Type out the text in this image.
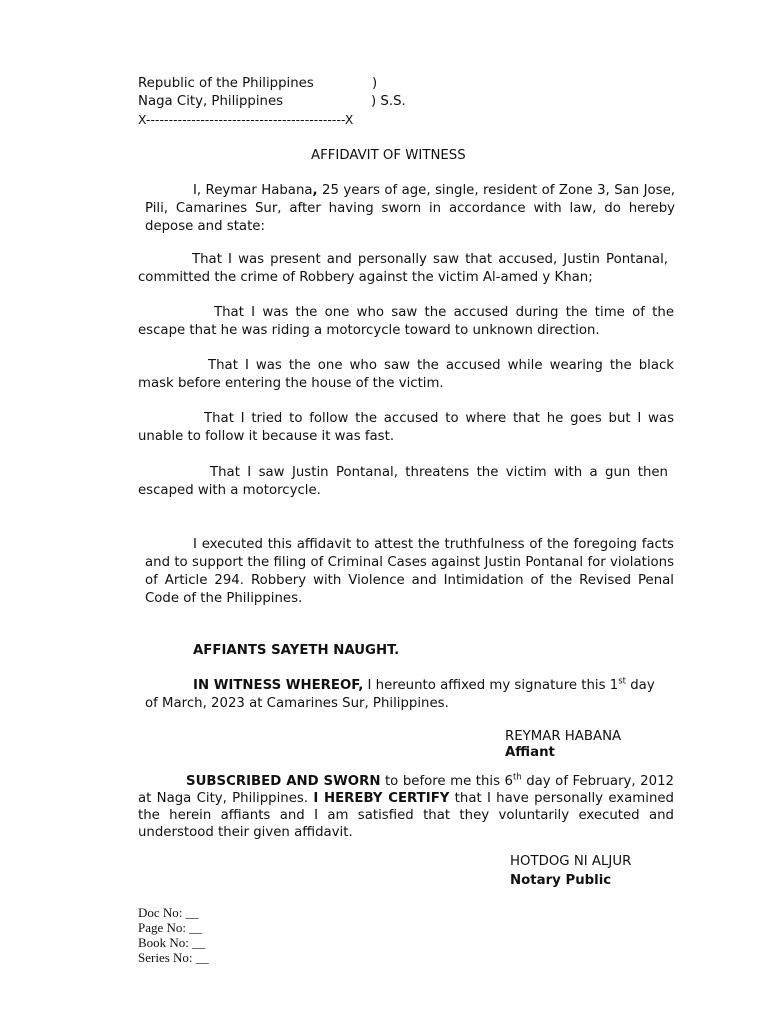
Republic of the Philippines	)
Naga City, Philippines	) S.S.
X--------------------------------------------X
AFFIDAVIT OF WITNESS
I, Reymar Habana, 25 years of age, single, resident of Zone 3, San Jose, Pili, Camarines Sur, after having sworn in accordance with law, do hereby depose and state:
That I was present and personally saw that accused, Justin Pontanal, committed the crime of Robbery against the victim Al-amed y Khan;
That I was the one who saw the accused during the time of the escape that he was riding a motorcycle toward to unknown direction.
That I was the one who saw the accused while wearing the black mask before entering the house of the victim.
That I tried to follow the accused to where that he goes but I was unable to follow it because it was fast.
That I saw Justin Pontanal, threatens the victim with a gun then escaped with a motorcycle.
I executed this affidavit to attest the truthfulness of the foregoing facts and to support the filing of Criminal Cases against Justin Pontanal for violations of Article 294. Robbery with Violence and Intimidation of the Revised Penal Code of the Philippines.
AFFIANTS SAYETH NAUGHT.
IN WITNESS WHEREOF, I hereunto affixed my signature this 1st day of March, 2023 at Camarines Sur, Philippines.
REYMAR HABANA
Affiant
SUBSCRIBED AND SWORN to before me this 6th day of February, 2012 at Naga City, Philippines. I HEREBY CERTIFY that I have personally examined the herein affiants and I am satisfied that they voluntarily executed and understood their given affidavit.
HOTDOG NI ALJUR
Notary Public
Doc No: __
Page No: __
Book No: __
Series No: __
